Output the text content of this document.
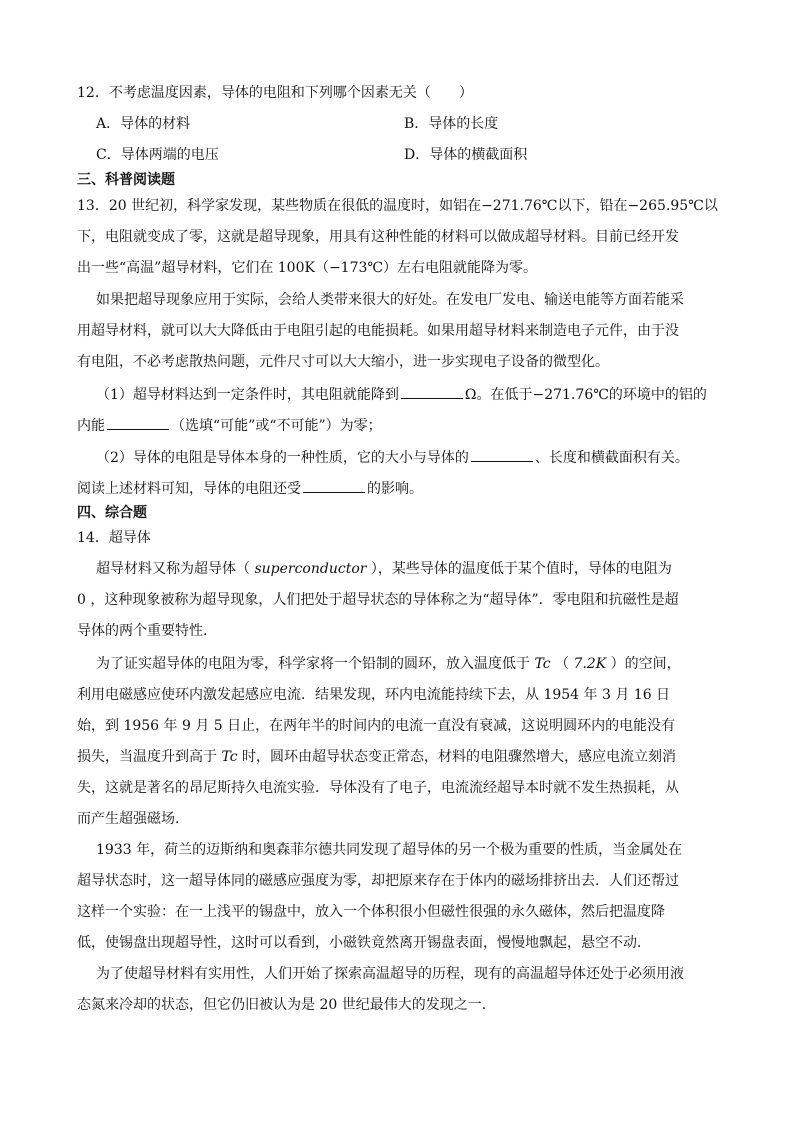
12．不考虑温度因素，导体的电阻和下列哪个因素无关（　　）
A．导体的材料	B．导体的长度
C．导体两端的电压	D．导体的横截面积
三、科普阅读题
13．20 世纪初，科学家发现，某些物质在很低的温度时，如铝在−271.76℃以下，铅在−265.95℃以
下，电阻就变成了零，这就是超导现象，用具有这种性能的材料可以做成超导材料。目前已经开发
出一些“高温”超导材料，它们在 100K（−173℃）左右电阻就能降为零。
如果把超导现象应用于实际，会给人类带来很大的好处。在发电厂发电、输送电能等方面若能采
用超导材料，就可以大大降低由于电阻引起的电能损耗。如果用超导材料来制造电子元件，由于没
有电阻，不必考虑散热问题，元件尺寸可以大大缩小，进一步实现电子设备的微型化。
（1）超导材料达到一定条件时，其电阻就能降到	Ω。在低于−271.76℃的环境中的铝的
内能	（选填“可能”或“不可能”）为零；
（2）导体的电阻是导体本身的一种性质，它的大小与导体的	、长度和横截面积有关。
阅读上述材料可知，导体的电阻还受	的影响。
四、综合题
14．超导体
超导材料又称为超导体（ superconductor ），某些导体的温度低于某个值时，导体的电阻为
0 ，这种现象被称为超导现象，人们把处于超导状态的导体称之为“超导体”．零电阻和抗磁性是超
导体的两个重要特性．
为了证实超导体的电阻为零，科学家将一个铅制的圆环，放入温度低于 Tc （ 7.2K ）的空间，
利用电磁感应使环内激发起感应电流．结果发现，环内电流能持续下去，从 1954 年 3 月 16 日
始，到 1956 年 9 月 5 日止，在两年半的时间内的电流一直没有衰减，这说明圆环内的电能没有
损失，当温度升到高于 Tc 时，圆环由超导状态变正常态，材料的电阻骤然增大，感应电流立刻消
失，这就是著名的昂尼斯持久电流实验．导体没有了电子，电流流经超导本时就不发生热损耗，从
而产生超强磁场．
1933 年，荷兰的迈斯纳和奥森菲尔德共同发现了超导体的另一个极为重要的性质，当金属处在
超导状态时，这一超导体同的磁感应强度为零，却把原来存在于体内的磁场排挤出去．人们还帮过
这样一个实验：在一上浅平的锡盘中，放入一个体积很小但磁性很强的永久磁体，然后把温度降
低，使锡盘出现超导性，这时可以看到，小磁铁竟然离开锡盘表面，慢慢地飘起，悬空不动．
为了使超导材料有实用性，人们开始了探索高温超导的历程，现有的高温超导体还处于必须用液
态氮来冷却的状态，但它仍旧被认为是 20 世纪最伟大的发现之一．
